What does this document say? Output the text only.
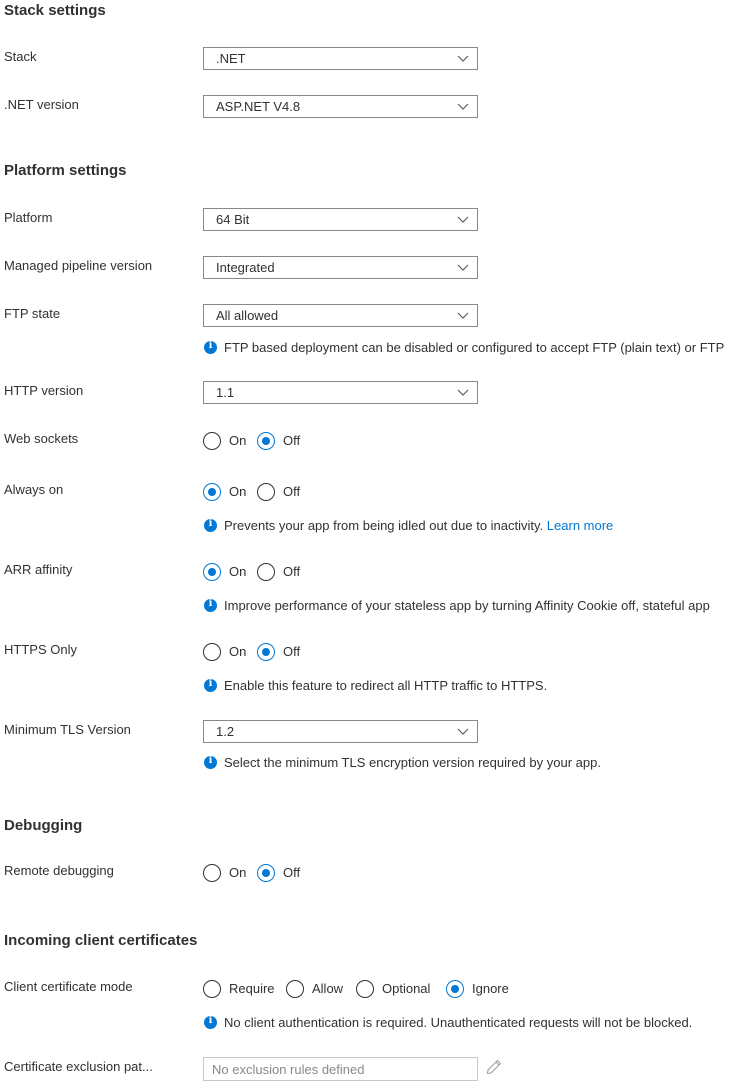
Stack settings
Stack	.NET
.NET version	ASP.NET V4.8
Platform settings
Platform	64 Bit
Managed pipeline version	Integrated
FTP state	All allowed
i
FTP based deployment can be disabled or configured to accept FTP (plain text) or FTP
HTTP version	1.1
Web sockets	On	Off
Always on	On	Off
i
Prevents your app from being idled out due to inactivity. Learn more
ARR affinity	On	Off
i
Improve performance of your stateless app by turning Affinity Cookie off, stateful app
HTTPS Only	On	Off
i
Enable this feature to redirect all HTTP traffic to HTTPS.
Minimum TLS Version	1.2
i
Select the minimum TLS encryption version required by your app.
Debugging
Remote debugging	On	Off
Incoming client certificates
Client certificate mode	Require	Allow	Optional	Ignore
i
No client authentication is required. Unauthenticated requests will not be blocked.
Certificate exclusion pat...	No exclusion rules defined
